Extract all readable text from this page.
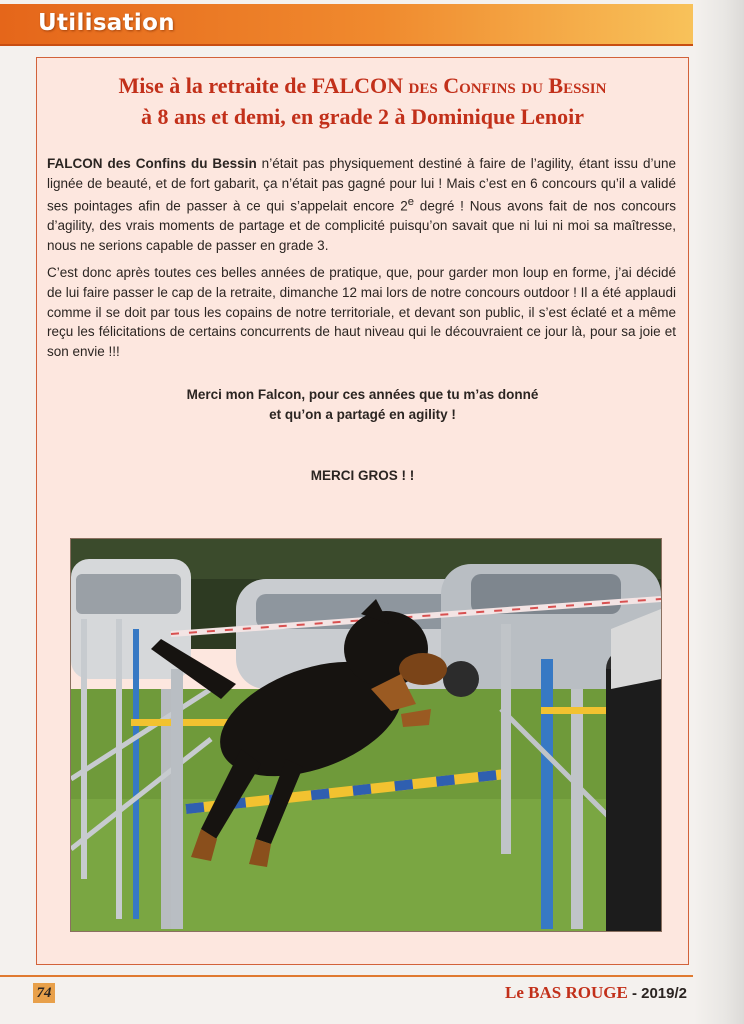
Utilisation
Mise à la retraite de FALCON des Confins du Bessin
à 8 ans et demi, en grade 2 à Dominique Lenoir

FALCON des Confins du Bessin n’était pas physiquement destiné à faire de l’agility, étant issu d’une lignée de beauté, et de fort gabarit, ça n’était pas gagné pour lui ! Mais c’est en 6 concours qu’il a validé ses pointages afin de passer à ce qui s’appelait encore 2e degré ! Nous avons fait de nos concours d’agility, des vrais moments de partage et de complicité puisqu’on savait que ni lui ni moi sa maîtresse, nous ne serions capable de passer en grade 3.

C’est donc après toutes ces belles années de pratique, que, pour garder mon loup en forme, j’ai décidé de lui faire passer le cap de la retraite, dimanche 12 mai lors de notre concours outdoor ! Il a été applaudi comme il se doit par tous les copains de notre territoriale, et devant son public, il s’est éclaté et a même reçu les félicitations de certains concurrents de haut niveau qui le découvraient ce jour là, pour sa joie et son envie !!!

Merci mon Falcon, pour ces années que tu m’as donné
et qu’on a partagé en agility !
MERCI GROS ! !
74	Le BAS ROUGE - 2019/2
